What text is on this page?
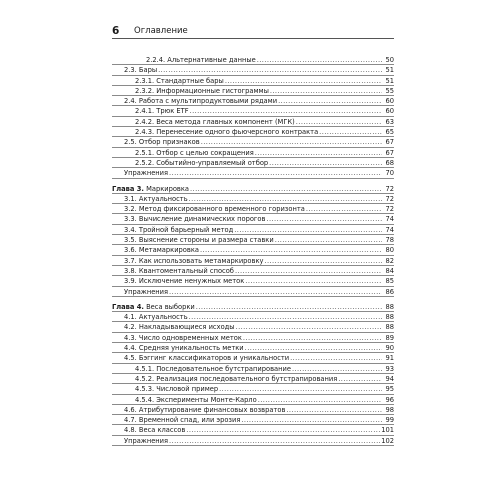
6	Оглавление
2.2.4. Альтернативные данные .....	50
2.3. Бары .....	51
2.3.1. Стандартные бары .....	51
2.3.2. Информационные гистограммы .....	55
2.4. Работа с мультипродуктовыми рядами .....	60
2.4.1. Трюк ETF .....	60
2.4.2. Веса метода главных компонент (МГК) .....	63
2.4.3. Перенесение одного фьючерсного контракта .....	65
2.5. Отбор признаков .....	67
2.5.1. Отбор с целью сокращения .....	67
2.5.2. Событийно-управляемый отбор .....	68
Упражнения .....	70
Глава 3. Маркировка .....	72
3.1. Актуальность .....	72
3.2. Метод фиксированного временного горизонта .....	72
3.3. Вычисление динамических порогов .....	74
3.4. Тройной барьерный метод .....	74
3.5. Выяснение стороны и размера ставки .....	78
3.6. Метамаркировка .....	80
3.7. Как использовать метамаркировку .....	82
3.8. Квантоментальный способ .....	84
3.9. Исключение ненужных меток .....	85
Упражнения .....	86
Глава 4. Веса выборки .....	88
4.1. Актуальность .....	88
4.2. Накладывающиеся исходы .....	88
4.3. Число одновременных меток .....	89
4.4. Средняя уникальность метки .....	90
4.5. Бэггинг классификаторов и уникальности .....	91
4.5.1. Последовательное бутстрапирование .....	93
4.5.2. Реализация последовательного бутстрапирования .....	94
4.5.3. Числовой пример .....	95
4.5.4. Эксперименты Монте-Карло .....	96
4.6. Атрибутирование финансовых возвратов .....	98
4.7. Временной спад, или эрозия .....	99
4.8. Веса классов .....	101
Упражнения .....	102
